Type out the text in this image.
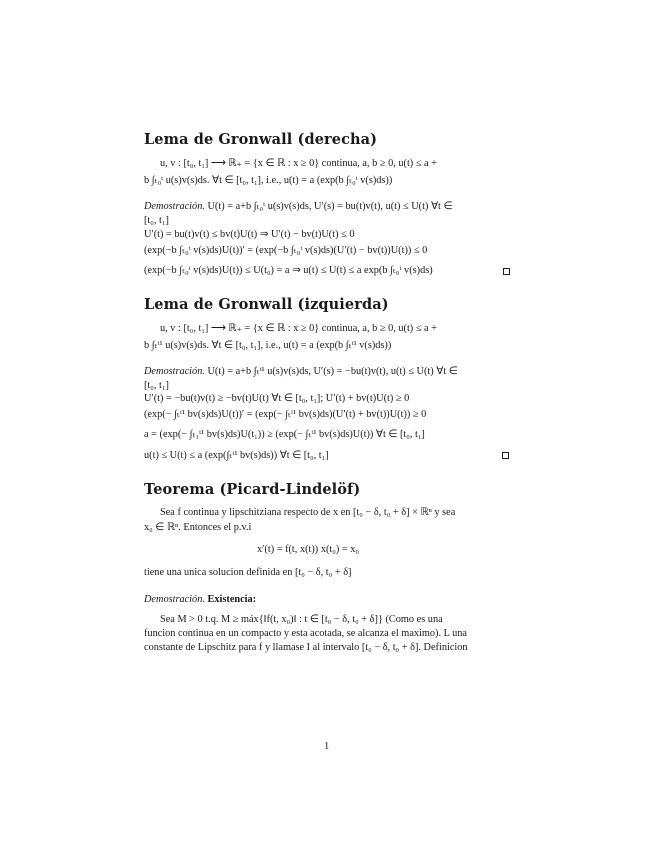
Lema de Gronwall (derecha)
u, v : [t₀, t₁] ⟶ ℝ₊ = {x ∈ ℝ : x ≥ 0} continua, a, b ≥ 0, u(t) ≤ a +
b ∫ₜ₀ᵗ u(s)v(s)ds. ∀t ∈ [t₀, t₁], i.e., u(t) = a (exp(b ∫ₜ₀ᵗ v(s)ds))
Demostración. U(t) = a+b ∫ₜ₀ᵗ u(s)v(s)ds, U′(s) = bu(t)v(t), u(t) ≤ U(t) ∀t ∈
[t₀, t₁]
U′(t) = bu(t)v(t) ≤ bv(t)U(t) ⇒ U′(t) − bv(t)U(t) ≤ 0
(exp(−b ∫ₜ₀ᵗ v(s)ds)U(t))′ = (exp(−b ∫ₜ₀ᵗ v(s)ds)(U′(t) − bv(t))U(t)) ≤ 0
(exp(−b ∫ₜ₀ᵗ v(s)ds)U(t)) ≤ U(t₀) = a ⇒ u(t) ≤ U(t) ≤ a exp(b ∫ₜ₀ᵗ v(s)ds)
Lema de Gronwall (izquierda)
u, v : [t₀, t₁] ⟶ ℝ₊ = {x ∈ ℝ : x ≥ 0} continua, a, b ≥ 0, u(t) ≤ a +
b ∫ₜᵗ¹ u(s)v(s)ds. ∀t ∈ [t₀, t₁], i.e., u(t) = a (exp(b ∫ₜᵗ¹ v(s)ds))
Demostración. U(t) = a+b ∫ₜᵗ¹ u(s)v(s)ds, U′(s) = −bu(t)v(t), u(t) ≤ U(t) ∀t ∈
[t₀, t₁]
U′(t) = −bu(t)v(t) ≥ −bv(t)U(t) ∀t ∈ [t₀, t₁]; U′(t) + bv(t)U(t) ≥ 0
(exp(− ∫ₜᵗ¹ bv(s)ds)U(t))′ = (exp(− ∫ₜᵗ¹ bv(s)ds)(U′(t) + bv(t))U(t)) ≥ 0
a = (exp(− ∫ₜ₁ᵗ¹ bv(s)ds)U(t₁)) ≥ (exp(− ∫ₜᵗ¹ bv(s)ds)U(t)) ∀t ∈ [t₀, t₁]
u(t) ≤ U(t) ≤ a (exp(∫ₜᵗ¹ bv(s)ds)) ∀t ∈ [t₀, t₁]
Teorema (Picard-Lindelöf)
Sea f continua y lipschitziana respecto de x en [t₀ − δ, t₀ + δ] × ℝⁿ y sea
x₀ ∈ ℝⁿ. Entonces el p.v.i
x′(t) = f(t, x(t)) x(t₀) = x₀
tiene una unica solucion definida en [t₀ − δ, t₀ + δ]
Demostración. Existencia:
Sea M > 0 t.q. M ≥ máx{‖f(t, x₀)‖ : t ∈ [t₀ − δ, t₀ + δ]} (Como es una
funcion continua en un compacto y esta acotada, se alcanza el maximo). L una
constante de Lipschitz para f y llamase I al intervalo [t₀ − δ, t₀ + δ]. Definicion
1
